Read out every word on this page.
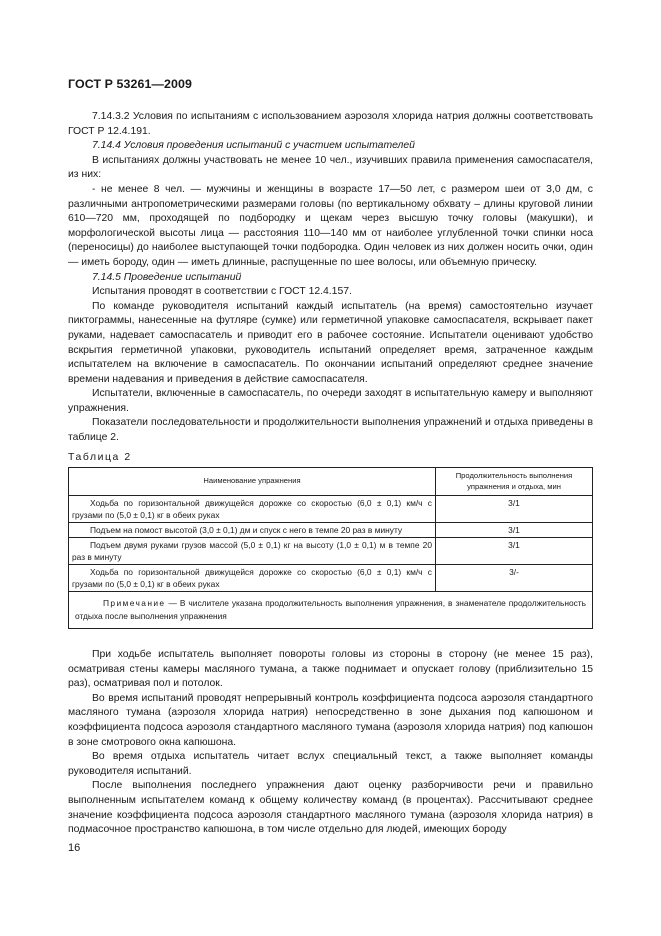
ГОСТ Р 53261—2009

7.14.3.2 Условия по испытаниям с использованием аэрозоля хлорида натрия должны соответствовать ГОСТ Р 12.4.191.

7.14.4 Условия проведения испытаний с участием испытателей

В испытаниях должны участвовать не менее 10 чел., изучивших правила применения самоспасателя, из них:

- не менее 8 чел. — мужчины и женщины в возрасте 17—50 лет, с размером шеи от 3,0 дм, с различными антропометрическими размерами головы (по вертикальному обхвату – длины круговой линии 610—720 мм, проходящей по подбородку и щекам через высшую точку головы (макушки), и морфологической высоты лица — расстояния 110—140 мм от наиболее углубленной точки спинки носа (переносицы) до наиболее выступающей точки подбородка. Один человек из них должен носить очки, один — иметь бороду, один — иметь длинные, распущенные по шее волосы, или объемную прическу.

7.14.5 Проведение испытаний

Испытания проводят в соответствии с ГОСТ 12.4.157.

По команде руководителя испытаний каждый испытатель (на время) самостоятельно изучает пиктограммы, нанесенные на футляре (сумке) или герметичной упаковке самоспасателя, вскрывает пакет руками, надевает самоспасатель и приводит его в рабочее состояние. Испытатели оценивают удобство вскрытия герметичной упаковки, руководитель испытаний определяет время, затраченное каждым испытателем на включение в самоспасатель. По окончании испытаний определяют среднее значение времени надевания и приведения в действие самоспасателя.

Испытатели, включенные в самоспасатель, по очереди заходят в испытательную камеру и выполняют упражнения.

Показатели последовательности и продолжительности выполнения упражнений и отдыха приведены в таблице 2.

Таблица 2
Наименование упражнения	Продолжительность выполнения упражнения и отдыха, мин
Ходьба по горизонтальной движущейся дорожке со скоростью (6,0 ± 0,1) км/ч с грузами по (5,0 ± 0,1) кг в обеих руках	3/1
Подъем на помост высотой (3,0 ± 0,1) дм и спуск с него в темпе 20 раз в минуту	3/1
Подъем двумя руками грузов массой (5,0 ± 0,1) кг на высоту (1,0 ± 0,1) м в темпе 20 раз в минуту	3/1
Ходьба по горизонтальной движущейся дорожке со скоростью (6,0 ± 0,1) км/ч с грузами по (5,0 ± 0,1) кг в обеих руках	3/-
Примечание — В числителе указана продолжительность выполнения упражнения, в знаменателе продолжительность отдыха после выполнения упражнения	

При ходьбе испытатель выполняет повороты головы из стороны в сторону (не менее 15 раз), осматривая стены камеры масляного тумана, а также поднимает и опускает голову (приблизительно 15 раз), осматривая пол и потолок.

Во время испытаний проводят непрерывный контроль коэффициента подсоса аэрозоля стандартного масляного тумана (аэрозоля хлорида натрия) непосредственно в зоне дыхания под капюшоном и коэффициента подсоса аэрозоля стандартного масляного тумана (аэрозоля хлорида натрия) под капюшон в зоне смотрового окна капюшона.

Во время отдыха испытатель читает вслух специальный текст, а также выполняет команды руководителя испытаний.

После выполнения последнего упражнения дают оценку разборчивости речи и правильно выполненным испытателем команд к общему количеству команд (в процентах). Рассчитывают среднее значение коэффициента подсоса аэрозоля стандартного масляного тумана (аэрозоля хлорида натрия) в подмасочное пространство капюшона, в том числе отдельно для людей, имеющих бороду

16
